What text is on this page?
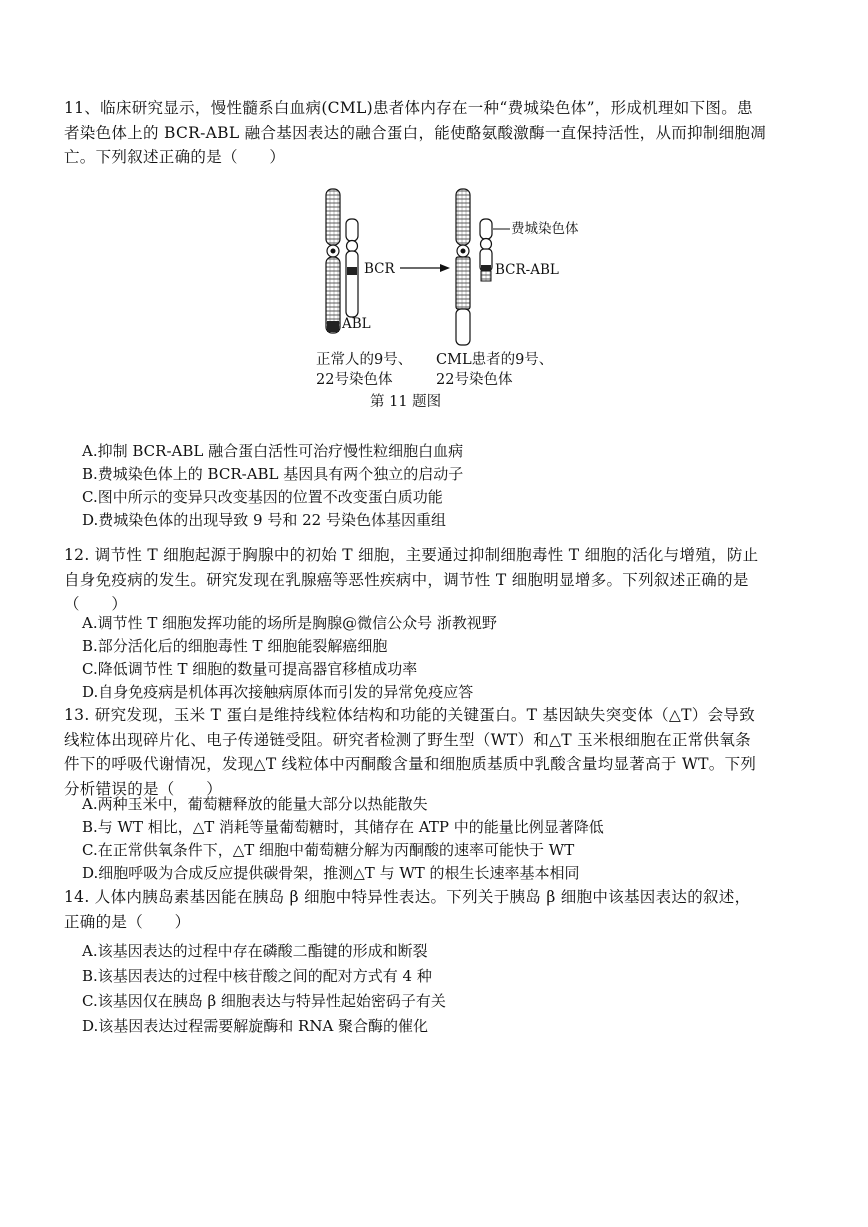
11、临床研究显示，慢性髓系白血病(CML)患者体内存在一种“费城染色体”，形成机理如下图。患

者染色体上的 BCR-ABL 融合基因表达的融合蛋白，能使酪氨酸激酶一直保持活性，从而抑制细胞凋

亡。下列叙述正确的是（　　）

BCR
ABL
费城染色体
BCR-ABL
正常人的9号、
22号染色体
CML患者的9号、
22号染色体
第 11 题图
A.抑制 BCR-ABL 融合蛋白活性可治疗慢性粒细胞白血病
B.费城染色体上的 BCR-ABL 基因具有两个独立的启动子
C.图中所示的变异只改变基因的位置不改变蛋白质功能
D.费城染色体的出现导致 9 号和 22 号染色体基因重组

12. 调节性 T 细胞起源于胸腺中的初始 T 细胞，主要通过抑制细胞毒性 T 细胞的活化与增殖，防止

自身免疫病的发生。研究发现在乳腺癌等恶性疾病中，调节性 T 细胞明显增多。下列叙述正确的是

（　　）

A.调节性 T 细胞发挥功能的场所是胸腺@微信公众号 浙教视野
B.部分活化后的细胞毒性 T 细胞能裂解癌细胞
C.降低调节性 T 细胞的数量可提高器官移植成功率
D.自身免疫病是机体再次接触病原体而引发的异常免疫应答

13. 研究发现，玉米 T 蛋白是维持线粒体结构和功能的关键蛋白。T 基因缺失突变体（△T）会导致

线粒体出现碎片化、电子传递链受阻。研究者检测了野生型（WT）和△T 玉米根细胞在正常供氧条

件下的呼吸代谢情况，发现△T 线粒体中丙酮酸含量和细胞质基质中乳酸含量均显著高于 WT。下列

分析错误的是（　　）

A.两种玉米中，葡萄糖释放的能量大部分以热能散失
B.与 WT 相比，△T 消耗等量葡萄糖时，其储存在 ATP 中的能量比例显著降低
C.在正常供氧条件下，△T 细胞中葡萄糖分解为丙酮酸的速率可能快于 WT
D.细胞呼吸为合成反应提供碳骨架，推测△T 与 WT 的根生长速率基本相同

14. 人体内胰岛素基因能在胰岛 β 细胞中特异性表达。下列关于胰岛 β 细胞中该基因表达的叙述，

正确的是（　　）

A.该基因表达的过程中存在磷酸二酯键的形成和断裂
B.该基因表达的过程中核苷酸之间的配对方式有 4 种
C.该基因仅在胰岛 β 细胞表达与特异性起始密码子有关
D.该基因表达过程需要解旋酶和 RNA 聚合酶的催化
